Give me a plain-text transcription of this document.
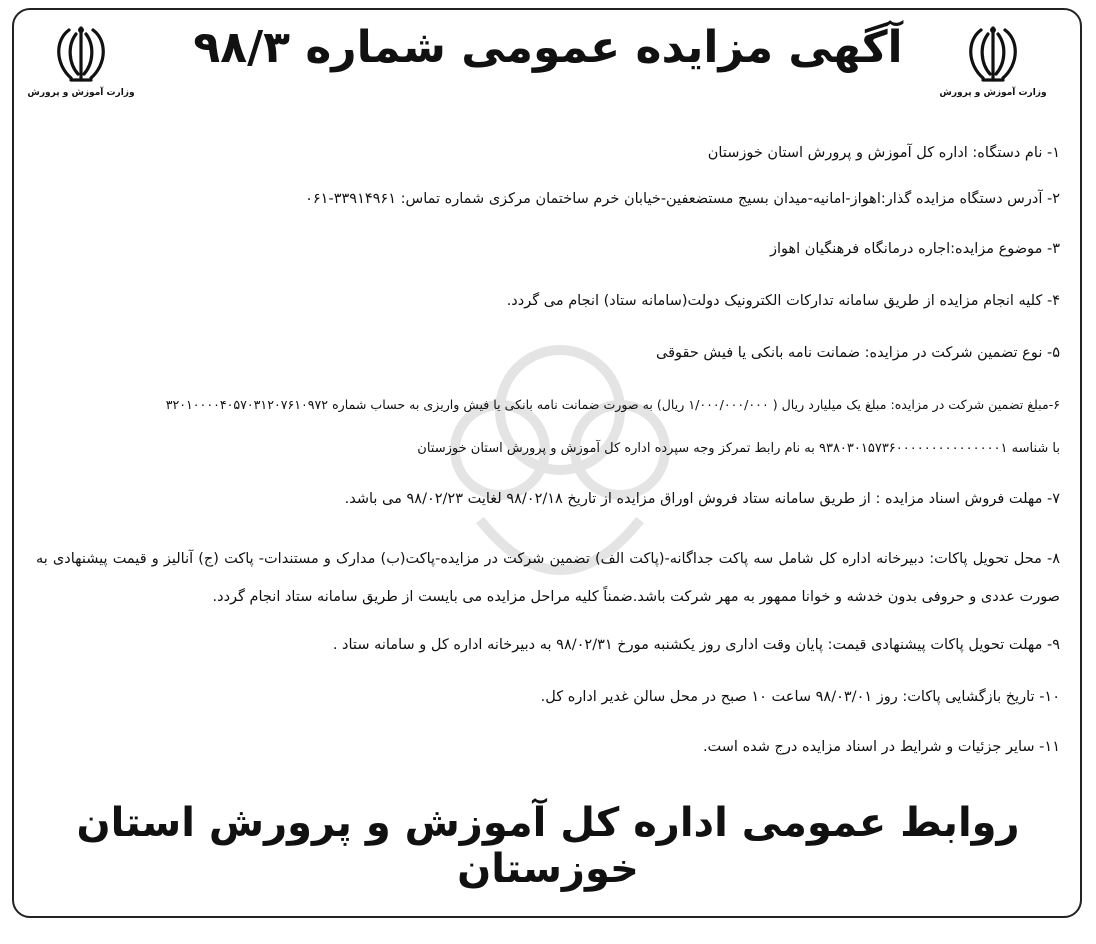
وزارت آموزش و پرورش
آگهی مزایده عمومی شماره ۹۸/۳
وزارت آموزش و پرورش
۱- نام دستگاه: اداره کل آموزش و پرورش استان خوزستان
۲- آدرس دستگاه مزایده گذار:اهواز-امانیه-میدان بسیج مستضعفین-خیابان خرم ساختمان مرکزی شماره تماس: ۳۳۹۱۴۹۶۱-۰۶۱
۳- موضوع مزایده:اجاره درمانگاه فرهنگیان اهواز
۴- کلیه انجام مزایده از طریق سامانه تدارکات الکترونیک دولت(سامانه ستاد) انجام می گردد.
۵- نوع تضمین شرکت در مزایده: ضمانت نامه بانکی یا فیش حقوقی
۶-مبلغ تضمین شرکت در مزایده: مبلغ یک میلیارد ریال ( ۱/۰۰۰/۰۰۰/۰۰۰ ریال) به صورت ضمانت نامه بانکی یا فیش واریزی به حساب شماره ۳۲۰۱۰۰۰۰۴۰۵۷۰۳۱۲۰۷۶۱۰۹۷۲
با شناسه ۹۳۸۰۳۰۱۵۷۳۶۰۰۰۰۰۰۰۰۰۰۰۰۰۰۰۱ به نام رابط تمرکز وجه سپرده اداره کل آموزش و پرورش استان خوزستان
۷- مهلت فروش اسناد مزایده : از طریق سامانه ستاد فروش اوراق مزایده از تاریخ ۹۸/۰۲/۱۸ لغایت ۹۸/۰۲/۲۳ می باشد.
۸- محل تحویل پاکات: دبیرخانه اداره کل شامل سه پاکت جداگانه-(پاکت الف) تضمین شرکت در مزایده-پاکت(ب) مدارک و مستندات- پاکت (ج) آنالیز و قیمت پیشنهادی به صورت عددی و حروفی بدون خدشه و خوانا ممهور به مهر شرکت باشد.ضمناً کلیه مراحل مزایده می بایست از طریق سامانه ستاد انجام گردد.
۹- مهلت تحویل پاکات پیشنهادی قیمت: پایان وقت اداری روز یکشنبه مورخ ۹۸/۰۲/۳۱ به دبیرخانه اداره کل و سامانه ستاد .
۱۰- تاریخ بازگشایی پاکات: روز ۹۸/۰۳/۰۱ ساعت ۱۰ صبح در محل سالن غدیر اداره کل.
۱۱- سایر جزئیات و شرایط در اسناد مزایده درج شده است.
روابط عمومی اداره کل آموزش و پرورش استان خوزستان
